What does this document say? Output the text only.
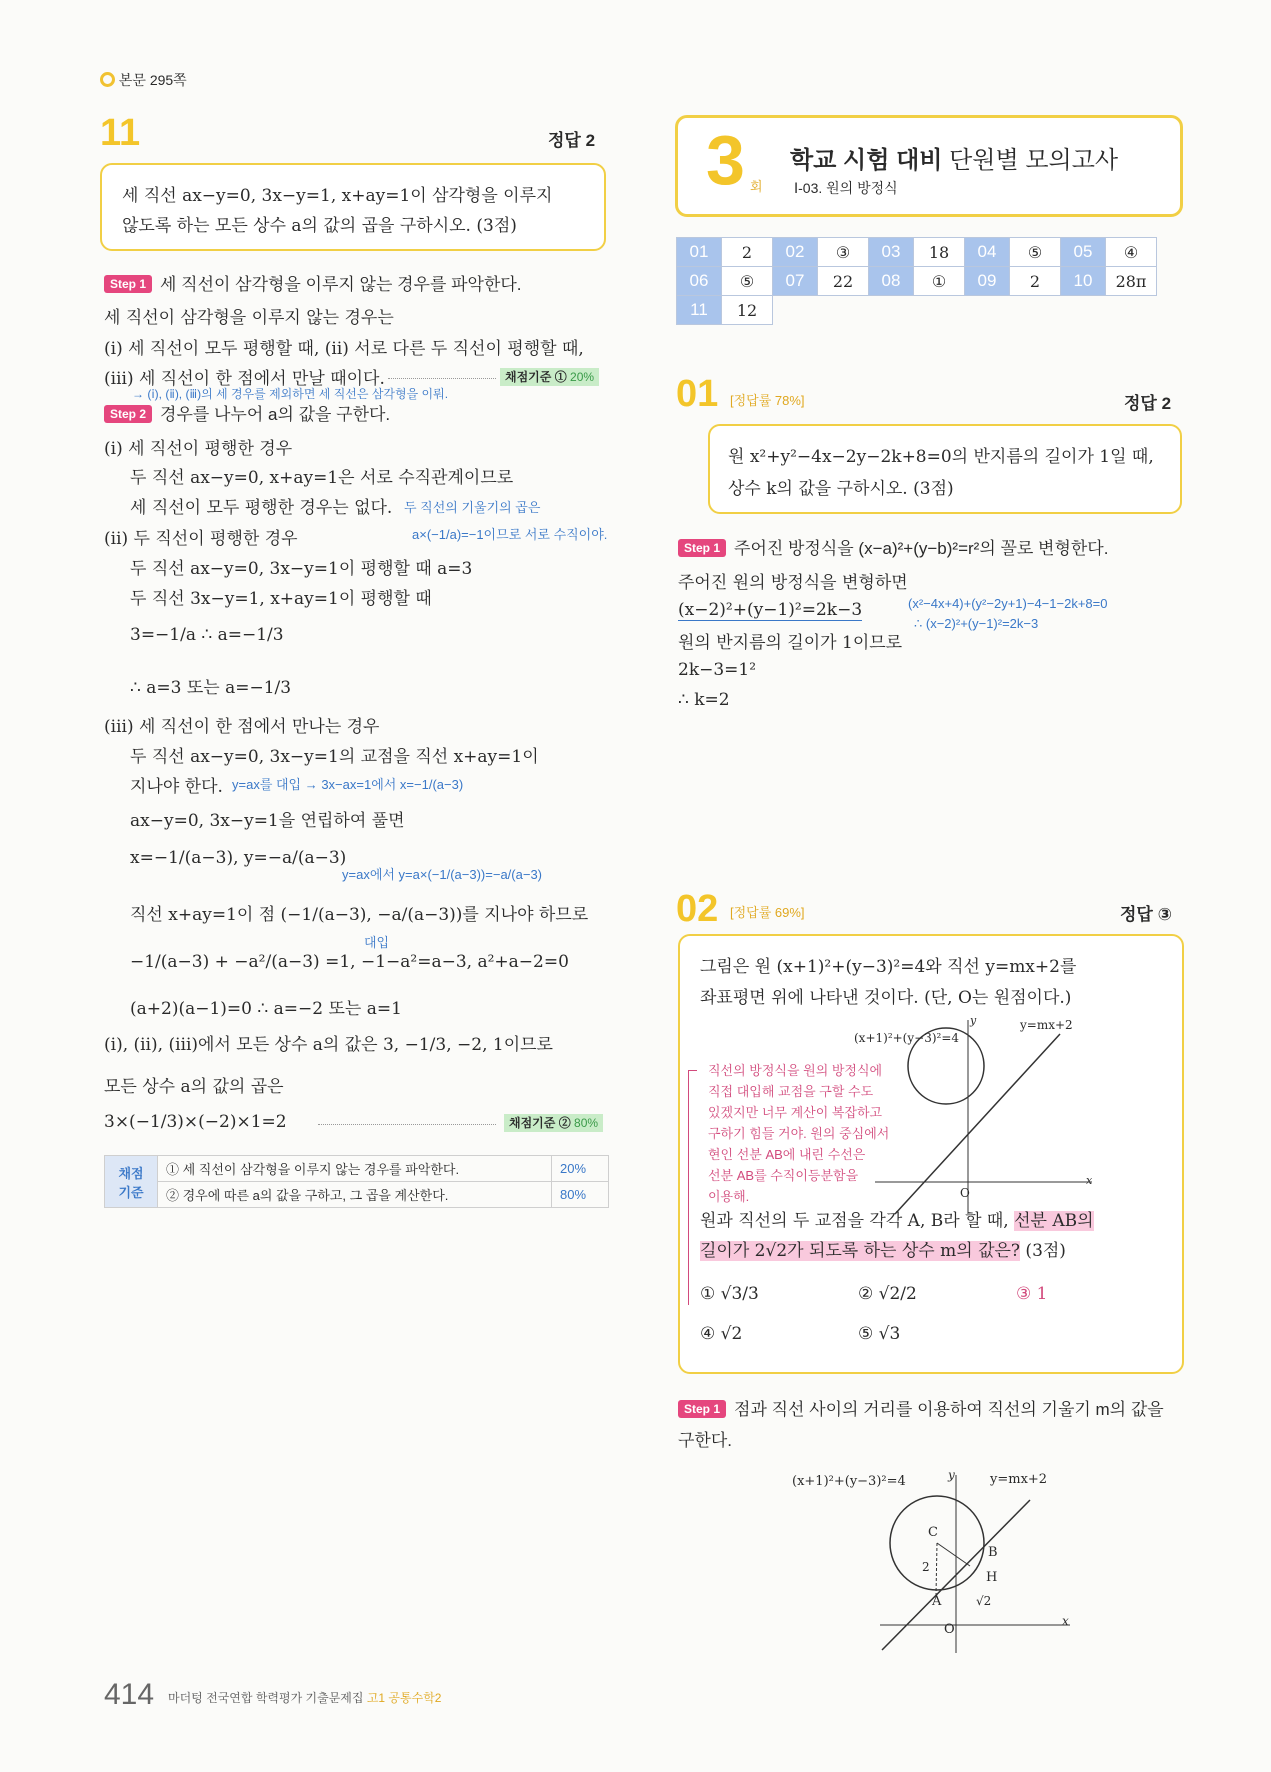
본문 295쪽
11	정답 2
세 직선 ax−y=0, 3x−y=1, x+ay=1이 삼각형을 이루지
않도록 하는 모든 상수 a의 값의 곱을 구하시오. (3점)
Step 1 세 직선이 삼각형을 이루지 않는 경우를 파악한다.
세 직선이 삼각형을 이루지 않는 경우는
(ⅰ) 세 직선이 모두 평행할 때, (ⅱ) 서로 다른 두 직선이 평행할 때,
(ⅲ) 세 직선이 한 점에서 만날 때이다.	채점기준 ① 20%
→ (ⅰ), (ⅱ), (ⅲ)의 세 경우를 제외하면 세 직선은 삼각형을 이뤄.
Step 2 경우를 나누어 a의 값을 구한다.
(ⅰ) 세 직선이 평행한 경우
두 직선 ax−y=0, x+ay=1은 서로 수직관계이므로
세 직선이 모두 평행한 경우는 없다. 두 직선의 기울기의 곱은
a×(−1/a)=−1이므로 서로 수직이야.
(ⅱ) 두 직선이 평행한 경우
두 직선 ax−y=0, 3x−y=1이 평행할 때 a=3
두 직선 3x−y=1, x+ay=1이 평행할 때
3=−1/a ∴ a=−1/3
∴ a=3 또는 a=−1/3
(ⅲ) 세 직선이 한 점에서 만나는 경우
두 직선 ax−y=0, 3x−y=1의 교점을 직선 x+ay=1이
지나야 한다. y=ax를 대입 → 3x−ax=1에서 x=−1/(a−3)
ax−y=0, 3x−y=1을 연립하여 풀면
x=−1/(a−3), y=−a/(a−3)
y=ax에서 y=a×(−1/(a−3))=−a/(a−3)
직선 x+ay=1이 점 (−1/(a−3), −a/(a−3))를 지나야 하므로
대입
−1/(a−3) + −a²/(a−3) =1, −1−a²=a−3, a²+a−2=0
(a+2)(a−1)=0 ∴ a=−2 또는 a=1
(ⅰ), (ⅱ), (ⅲ)에서 모든 상수 a의 값은 3, −1/3, −2, 1이므로
모든 상수 a의 값의 곱은
3×(−1/3)×(−2)×1=2	채점기준 ② 80%
채점 기준	① 세 직선이 삼각형을 이루지 않는 경우를 파악한다.	20%
	② 경우에 따른 a의 값을 구하고, 그 곱을 계산한다.	80%
3 회
학교 시험 대비 단원별 모의고사
Ⅰ-03. 원의 방정식
01	2	02	③	03	18	04	⑤	05	④
06	⑤	07	22	08	①	09	2	10	28π
11	12								
01 [정답률 78%]	정답 2
원 x²+y²−4x−2y−2k+8=0의 반지름의 길이가 1일 때,
상수 k의 값을 구하시오. (3점)
Step 1 주어진 방정식을 (x−a)²+(y−b)²=r²의 꼴로 변형한다.
주어진 원의 방정식을 변형하면
(x−2)²+(y−1)²=2k−3	(x²−4x+4)+(y²−2y+1)−4−1−2k+8=0
∴ (x−2)²+(y−1)²=2k−3
원의 반지름의 길이가 1이므로
2k−3=1²
∴ k=2
02 [정답률 69%]	정답 ③
그림은 원 (x+1)²+(y−3)²=4와 직선 y=mx+2를
좌표평면 위에 나타낸 것이다. (단, O는 원점이다.)
(x+1)²+(y−3)²=4
y=mx+2
y
x
O
직선의 방정식을 원의 방정식에
직접 대입해 교점을 구할 수도
있겠지만 너무 계산이 복잡하고
구하기 힘들 거야. 원의 중심에서
현인 선분 AB에 내린 수선은
선분 AB를 수직이등분함을
이용해.
원과 직선의 두 교점을 각각 A, B라 할 때, 선분 AB의
길이가 2√2가 되도록 하는 상수 m의 값은? (3점)
① √3/3	② √2/2	③ 1
④ √2	⑤ √3
Step 1 점과 직선 사이의 거리를 이용하여 직선의 기울기 m의 값을
구한다.
(x+1)²+(y−3)²=4	y=mx+2
C
B
H
A
2
√2
O
x
y
414 마더텅 전국연합 학력평가 기출문제집 고1 공통수학2
